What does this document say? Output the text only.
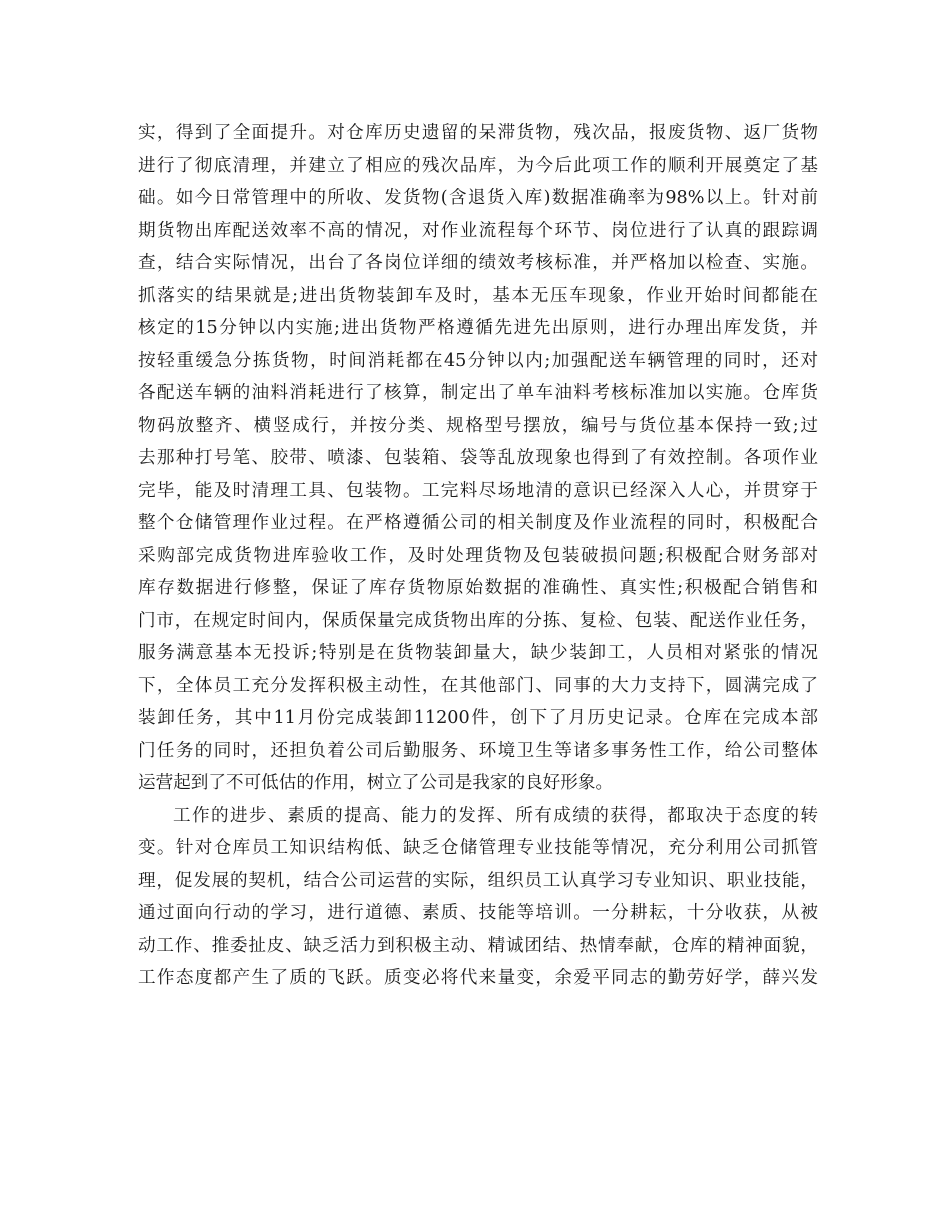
实，得到了全面提升。对仓库历史遗留的呆滞货物，残次品，报废货物、返厂货物
进行了彻底清理，并建立了相应的残次品库，为今后此项工作的顺利开展奠定了基
础。如今日常管理中的所收、发货物(含退货入库)数据准确率为98%以上。针对前
期货物出库配送效率不高的情况，对作业流程每个环节、岗位进行了认真的跟踪调
查，结合实际情况，出台了各岗位详细的绩效考核标准，并严格加以检查、实施。
抓落实的结果就是;进出货物装卸车及时，基本无压车现象，作业开始时间都能在
核定的15分钟以内实施;进出货物严格遵循先进先出原则，进行办理出库发货，并
按轻重缓急分拣货物，时间消耗都在45分钟以内;加强配送车辆管理的同时，还对
各配送车辆的油料消耗进行了核算，制定出了单车油料考核标准加以实施。仓库货
物码放整齐、横竖成行，并按分类、规格型号摆放，编号与货位基本保持一致;过
去那种打号笔、胶带、喷漆、包装箱、袋等乱放现象也得到了有效控制。各项作业
完毕，能及时清理工具、包装物。工完料尽场地清的意识已经深入人心，并贯穿于
整个仓储管理作业过程。在严格遵循公司的相关制度及作业流程的同时，积极配合
采购部完成货物进库验收工作，及时处理货物及包装破损问题;积极配合财务部对
库存数据进行修整，保证了库存货物原始数据的准确性、真实性;积极配合销售和
门市，在规定时间内，保质保量完成货物出库的分拣、复检、包装、配送作业任务，
服务满意基本无投诉;特别是在货物装卸量大，缺少装卸工，人员相对紧张的情况
下，全体员工充分发挥积极主动性，在其他部门、同事的大力支持下，圆满完成了
装卸任务，其中11月份完成装卸11200件，创下了月历史记录。仓库在完成本部
门任务的同时，还担负着公司后勤服务、环境卫生等诸多事务性工作，给公司整体
运营起到了不可低估的作用，树立了公司是我家的良好形象。
工作的进步、素质的提高、能力的发挥、所有成绩的获得，都取决于态度的转
变。针对仓库员工知识结构低、缺乏仓储管理专业技能等情况，充分利用公司抓管
理，促发展的契机，结合公司运营的实际，组织员工认真学习专业知识、职业技能，
通过面向行动的学习，进行道德、素质、技能等培训。一分耕耘，十分收获，从被
动工作、推委扯皮、缺乏活力到积极主动、精诚团结、热情奉献，仓库的精神面貌，
工作态度都产生了质的飞跃。质变必将代来量变，余爱平同志的勤劳好学，薛兴发
